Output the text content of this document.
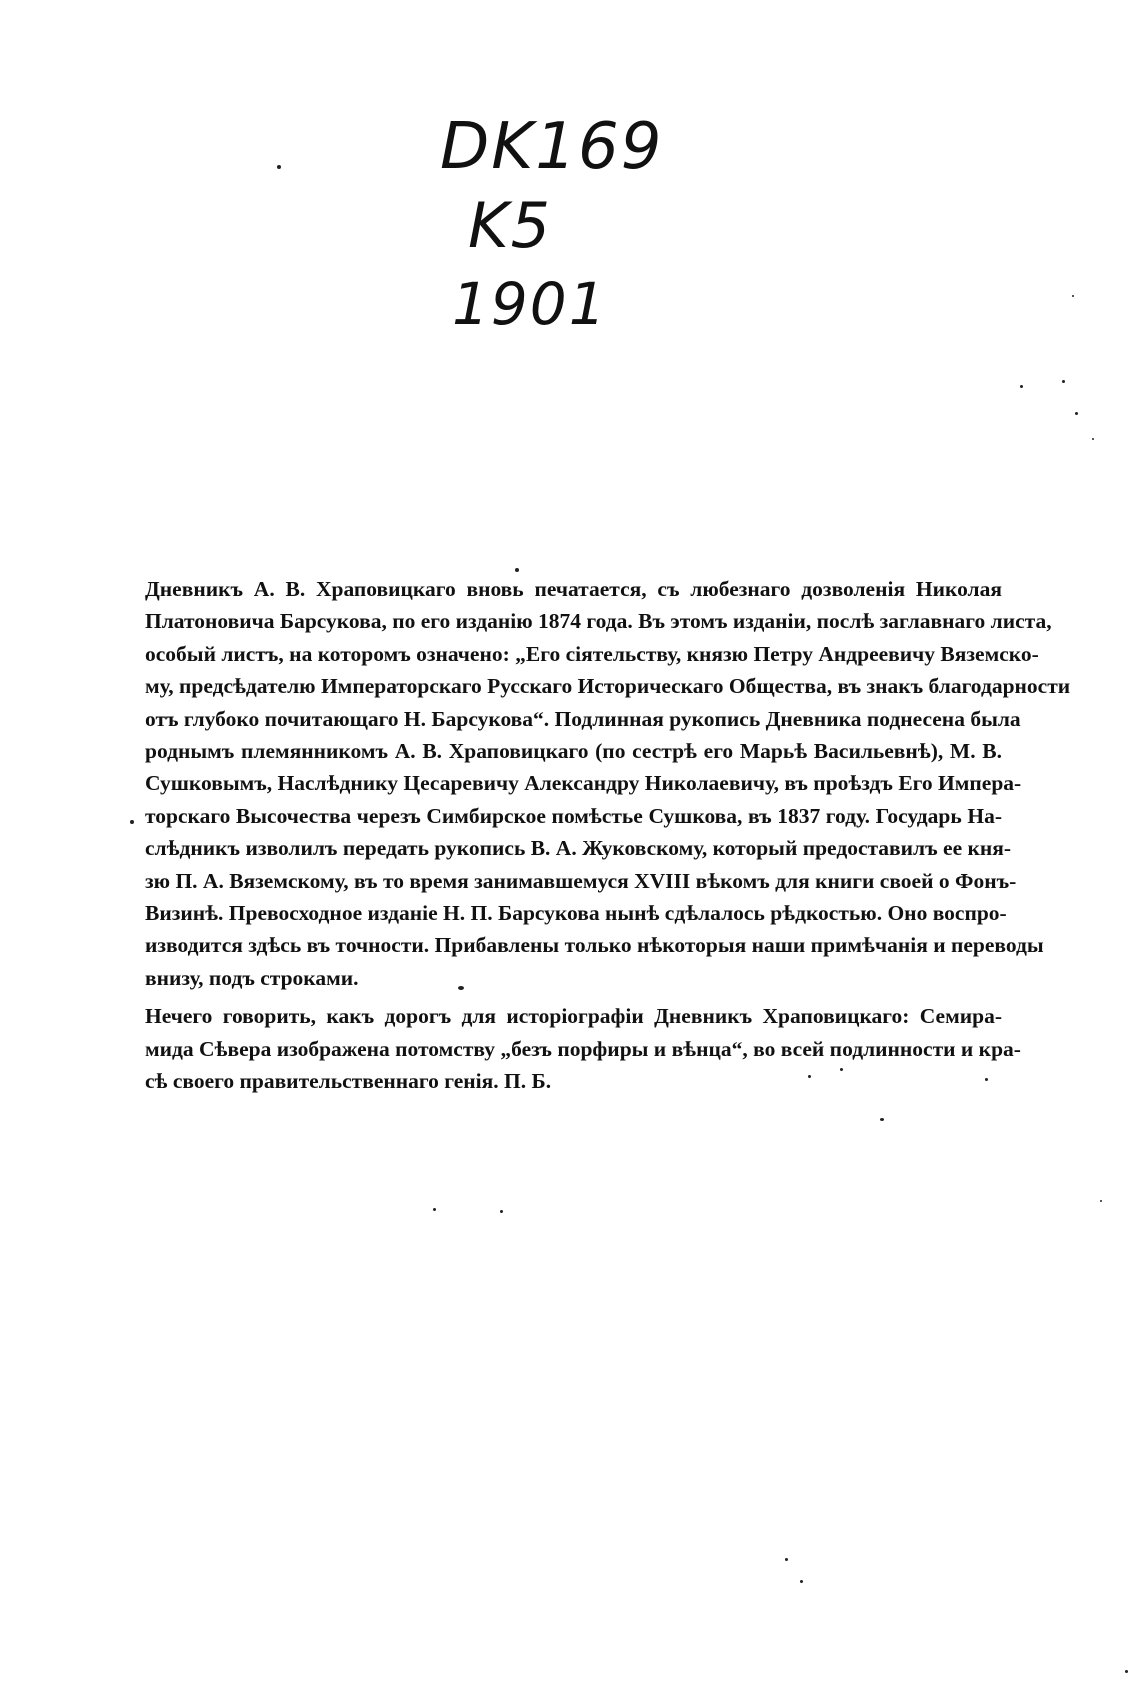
DK169
K5
1901
Дневникъ А. В. Храповицкаго вновь печатается, съ любезнаго дозволенія Николая
Платоновича Барсукова, по его изданію 1874 года. Въ этомъ изданіи, послѣ заглавнаго листа,
особый листъ, на которомъ означено: „Его сіятельству, князю Петру Андреевичу Вяземско-
му, предсѣдателю Императорскаго Русскаго Историческаго Общества, въ знакъ благодарности
отъ глубоко почитающаго Н. Барсукова“. Подлинная рукопись Дневника поднесена была
роднымъ племянникомъ А. В. Храповицкаго (по сестрѣ его Марьѣ Васильевнѣ), М. В.
Сушковымъ, Наслѣднику Цесаревичу Александру Николаевичу, въ проѣздъ Его Импера-
торскаго Высочества черезъ Симбирское помѣстье Сушкова, въ 1837 году. Государь На-
слѣдникъ изволилъ передать рукопись В. А. Жуковскому, который предоставилъ ее кня-
зю П. А. Вяземскому, въ то время занимавшемуся XVIII вѣкомъ для книги своей о Фонъ-
Визинѣ. Превосходное изданіе Н. П. Барсукова нынѣ сдѣлалось рѣдкостью. Оно воспро-
изводится здѣсь въ точности. Прибавлены только нѣкоторыя наши примѣчанія и переводы
внизу, подъ строками.
Нечего говорить, какъ дорогъ для исторіографіи Дневникъ Храповицкаго: Семира-
мида Сѣвера изображена потомству „безъ порфиры и вѣнца“, во всей подлинности и кра-
сѣ своего правительственнаго генія. П. Б.
